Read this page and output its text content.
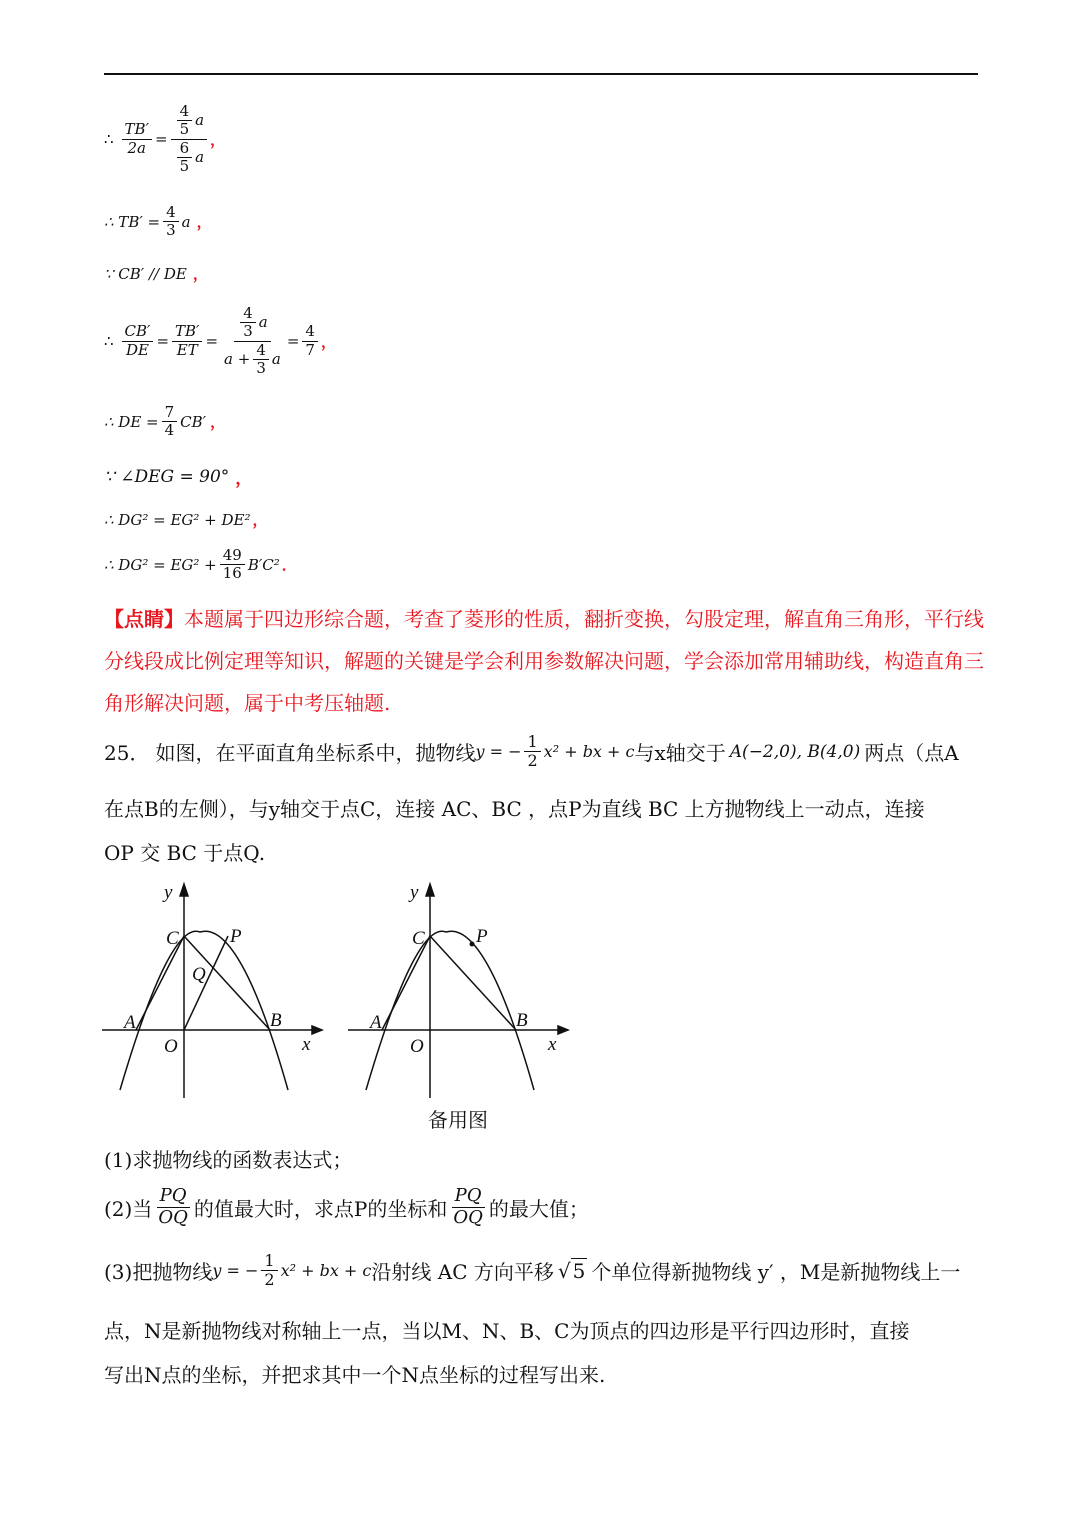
∴ $\frac{TB'}{2a} = \frac{\frac{4}{5} a}{\frac{6}{5} a}$ ，
∴ $TB' = \frac{4}{3}$ a ，
∵ CB′ // DE ，
∴ $\frac{CB'}{DE} = \frac{TB'}{ET} = \frac{\frac{4}{3} a}{a + \frac{4}{3} a} = \frac{4}{7}$ ，
∴ DE = $\frac{7}{4} CB'$ ，
∵ ∠DEG = 90° ，
∴ DG² = EG² + DE² ，
∴ $DG^2 = EG^2 + \frac{49}{16} B'C^2$ ．
【点睛】本题属于四边形综合题，考查了菱形的性质，翻折变换，勾股定理，解直角三角形，平行线分线段成比例定理等知识，解题的关键是学会利用参数解决问题，学会添加常用辅助线，构造直角三角形解决问题，属于中考压轴题.
25． 如图，在平面直角坐标系中，抛物线 y = − $\frac{1}{2} x^2$ + bx + c 与x轴交于 A(−2,0), B(4,0) 两点（点A
在点B的左侧），与y轴交于点C，连接 AC、BC ，点P为直线 BC 上方抛物线上一动点，连接
OP 交 BC 于点Q.
y
x
C	P
Q
A	B
O
y
x
C	P
A	B
O
备用图
(1)求抛物线的函数表达式；
(2)当 $\frac{PQ}{OQ}$ 的值最大时，求点P的坐标和 $\frac{PQ}{OQ}$ 的最大值；
(3)把抛物线 y = − $\frac{1}{2} x^2$ + bx + c 沿射线 AC 方向平移 √ 5 个单位得新抛物线 y′ ，M是新抛物线上一
点，N是新抛物线对称轴上一点，当以M、N、B、C为顶点的四边形是平行四边形时，直接
写出N点的坐标，并把求其中一个N点坐标的过程写出来.
